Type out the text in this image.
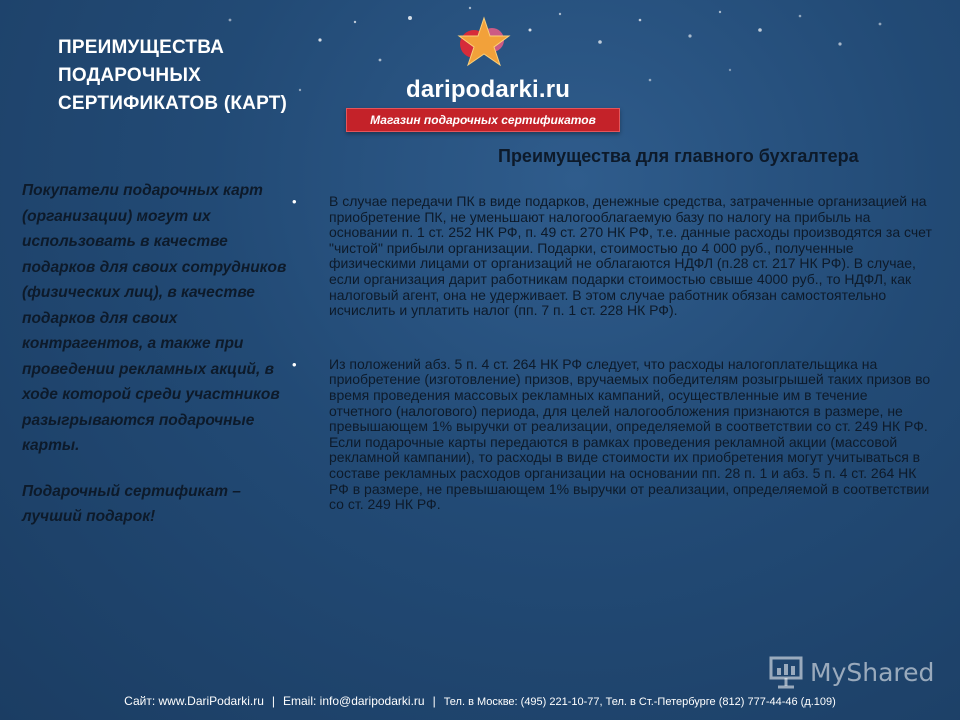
ПРЕИМУЩЕСТВА ПОДАРОЧНЫХ СЕРТИФИКАТОВ (КАРТ)
daripodarki.ru
Магазин подарочных сертификатов
Преимущества для главного бухгалтера

Покупатели подарочных карт (организации) могут их использовать в качестве подарков для своих сотрудников (физических лиц), в качестве подарков для своих контрагентов, а также при проведении рекламных акций, в ходе которой среди участников разыгрываются подарочные карты.

Подарочный сертификат – лучший подарок!

• В случае передачи ПК в виде подарков, денежные средства, затраченные организацией на приобретение ПК, не уменьшают налогооблагаемую базу по налогу на прибыль на основании п. 1 ст. 252 НК РФ, п. 49 ст. 270 НК РФ, т.е. данные расходы производятся за счет "чистой" прибыли организации. Подарки, стоимостью до 4 000 руб., полученные физическими лицами от организаций не облагаются НДФЛ (п.28 ст. 217 НК РФ). В случае, если организация дарит работникам подарки стоимостью свыше 4000 руб., то НДФЛ, как налоговый агент, она не удерживает. В этом случае работник обязан самостоятельно исчислить и уплатить налог (пп. 7 п. 1 ст. 228 НК РФ).
• Из положений абз. 5 п. 4 ст. 264 НК РФ следует, что расходы налогоплательщика на приобретение (изготовление) призов, вручаемых победителям розыгрышей таких призов во время проведения массовых рекламных кампаний, осуществленные им в течение отчетного (налогового) периода, для целей налогообложения признаются в размере, не превышающем 1% выручки от реализации, определяемой в соответствии со ст. 249 НК РФ. Если подарочные карты передаются в рамках проведения рекламной акции (массовой рекламной кампании), то расходы в виде стоимости их приобретения могут учитываться в составе рекламных расходов организации на основании пп. 28 п. 1 и абз. 5 п. 4 ст. 264 НК РФ в размере, не превышающем 1% выручки от реализации, определяемой в соответствии со ст. 249 НК РФ.
MyShared
Сайт: www.DariPodarki.ru | Email: info@daripodarki.ru | Тел. в Москве: (495) 221-10-77, Тел. в Ст.-Петербурге (812) 777-44-46 (д.109)
